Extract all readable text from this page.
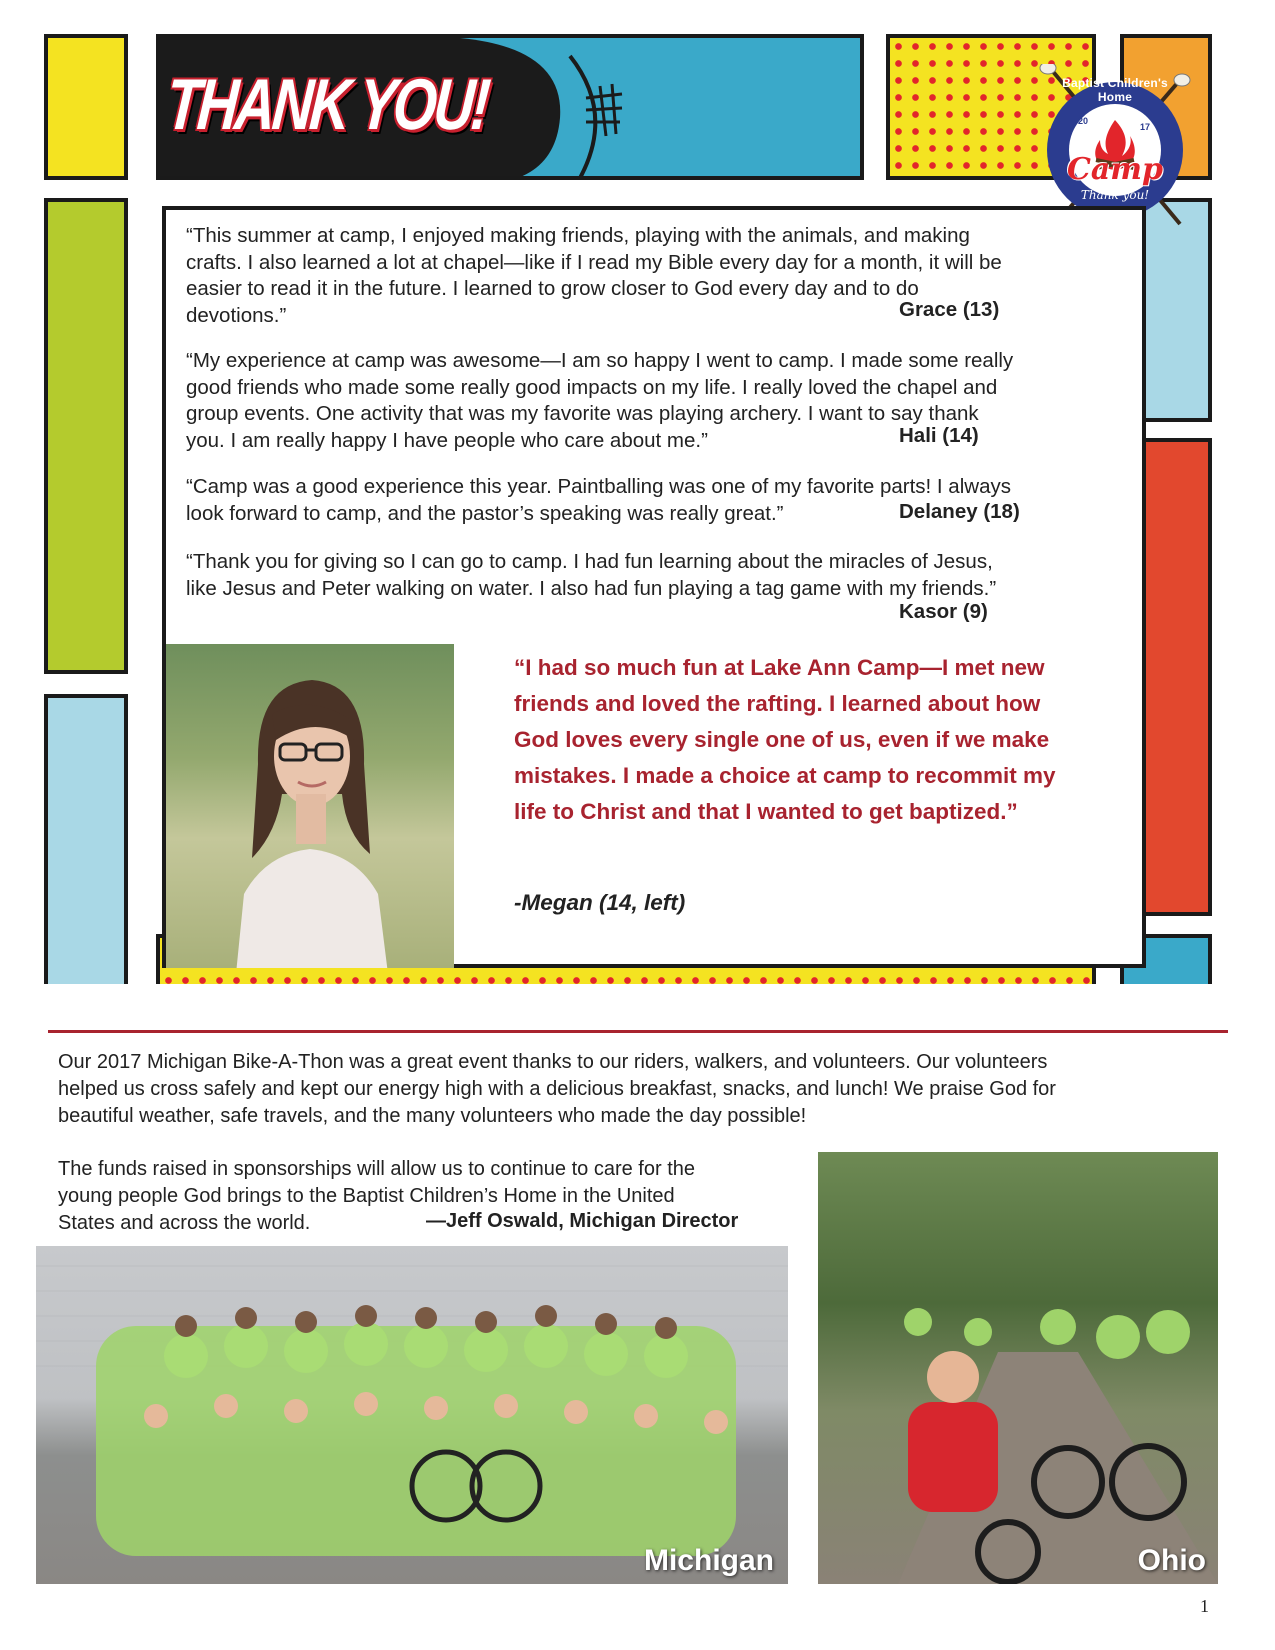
THANK YOU!	Baptist Children's Home
20
17
Camp
Thank you!
“This summer at camp, I enjoyed making friends, playing with the animals, and making
crafts. I also learned a lot at chapel—like if I read my Bible every day for a month, it will be
easier to read it in the future. I learned to grow closer to God every day and to do
devotions.”	Grace (13)
“My experience at camp was awesome—I am so happy I went to camp. I made some really
good friends who made some really good impacts on my life. I really loved the chapel and
group events. One activity that was my favorite was playing archery. I want to say thank
you. I am really happy I have people who care about me.”	Hali (14)
“Camp was a good experience this year. Paintballing was one of my favorite parts! I always
look forward to camp, and the pastor’s speaking was really great.”	Delaney (18)
“Thank you for giving so I can go to camp. I had fun learning about the miracles of Jesus,
like Jesus and Peter walking on water. I also had fun playing a tag game with my friends.”
Kasor (9)
“I had so much fun at Lake Ann Camp—I met new
friends and loved the rafting. I learned about how
God loves every single one of us, even if we make
mistakes. I made a choice at camp to recommit my
life to Christ and that I wanted to get baptized.”
-Megan (14, left)
Our 2017 Michigan Bike-A-Thon was a great event thanks to our riders, walkers, and volunteers. Our volunteers
helped us cross safely and kept our energy high with a delicious breakfast, snacks, and lunch! We praise God for
beautiful weather, safe travels, and the many volunteers who made the day possible!
The funds raised in sponsorships will allow us to continue to care for the
young people God brings to the Baptist Children’s Home in the United
States and across the world.	—Jeff Oswald, Michigan Director
Michigan	Ohio
1
